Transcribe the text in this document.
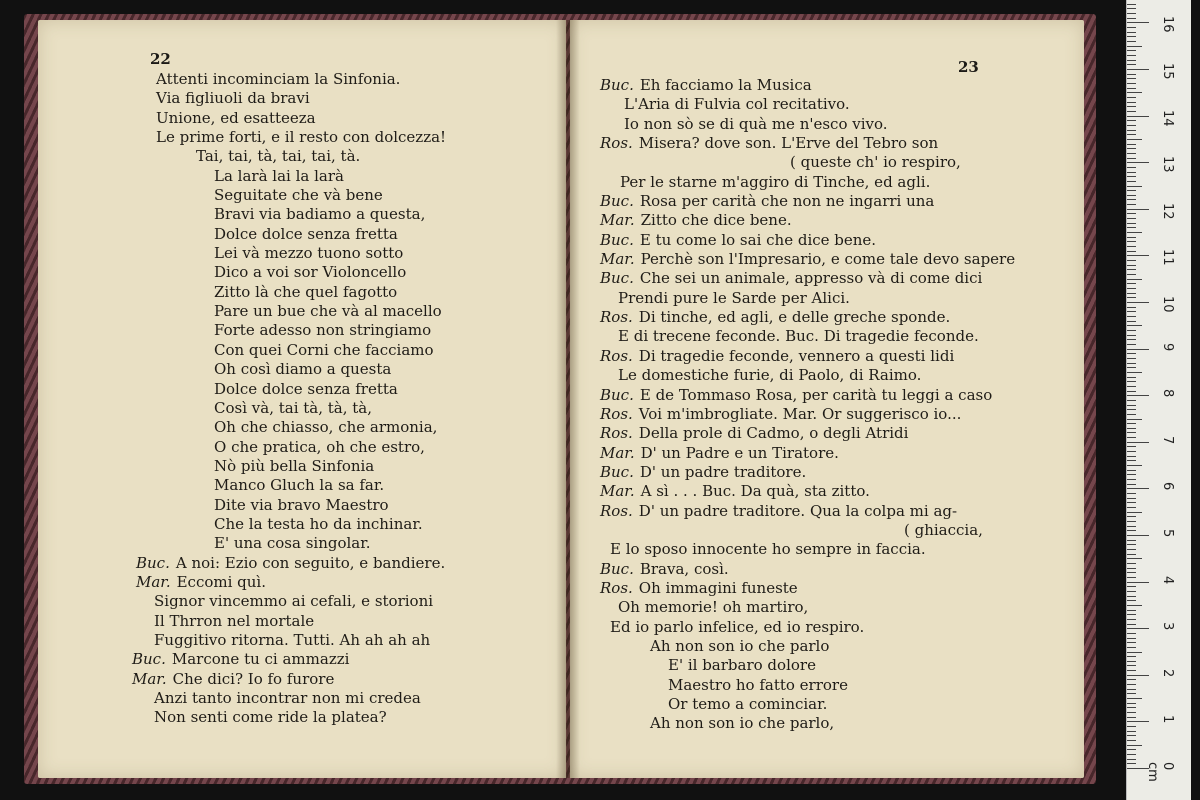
22	23
Attenti incominciam la Sinfonia.
Via figliuoli da bravi
Unione, ed esatteeza
Le prime forti, e il resto con dolcezza!
Tai, tai, tà, tai, tai, tà.
La larà lai la larà
Seguitate che và bene
Bravi via badiamo a questa,
Dolce dolce senza fretta
Lei và mezzo tuono sotto
Dico a voi sor Violoncello
Zitto là che quel fagotto
Pare un bue che và al macello
Forte adesso non stringiamo
Con quei Corni che facciamo
Oh così diamo a questa
Dolce dolce senza fretta
Così và, tai tà, tà, tà,
Oh che chiasso, che armonia,
O che pratica, oh che estro,
Nò più bella Sinfonia
Manco Gluch la sa far.
Dite via bravo Maestro
Che la testa ho da inchinar.
E' una cosa singolar.
Buc. A noi: Ezio con seguito, e bandiere.
Mar. Eccomi quì.
Signor vincemmo ai cefali, e storioni
Il Thrron nel mortale
Fuggitivo ritorna. Tutti. Ah ah ah ah
Buc. Marcone tu ci ammazzi
Mar. Che dici? Io fo furore
Anzi tanto incontrar non mi credea
Non senti come ride la platea?
Buc. Eh facciamo la Musica
L'Aria di Fulvia col recitativo.
Io non sò se di quà me n'esco vivo.
Ros. Misera? dove son. L'Erve del Tebro son
( queste ch' io respiro,
Per le starne m'aggiro di Tinche, ed agli.
Buc. Rosa per carità che non ne ingarri una
Mar. Zitto che dice bene.
Buc. E tu come lo sai che dice bene.
Mar. Perchè son l'Impresario, e come tale devo sapere
Buc. Che sei un animale, appresso và di come dici
Prendi pure le Sarde per Alici.
Ros. Di tinche, ed agli, e delle greche sponde.
E di trecene feconde. Buc. Di tragedie feconde.
Ros. Di tragedie feconde, vennero a questi lidi
Le domestiche furie, di Paolo, di Raimo.
Buc. E de Tommaso Rosa, per carità tu leggi a caso
Ros. Voi m'imbrogliate. Mar. Or suggerisco io...
Ros. Della prole di Cadmo, o degli Atridi
Mar. D' un Padre e un Tiratore.
Buc. D' un padre traditore.
Mar. A sì . . . Buc. Da quà, sta zitto.
Ros. D' un padre traditore. Qua la colpa mi ag-
( ghiaccia,
E lo sposo innocente ho sempre in faccia.
Buc. Brava, così.
Ros. Oh immagini funeste
Oh memorie! oh martiro,
Ed io parlo infelice, ed io respiro.
Ah non son io che parlo
E' il barbaro dolore
Maestro ho fatto errore
Or temo a cominciar.
Ah non son io che parlo,
0 cm
1
2
3
4
5
6
7
8
9
10
11
12
13
14
15
16
